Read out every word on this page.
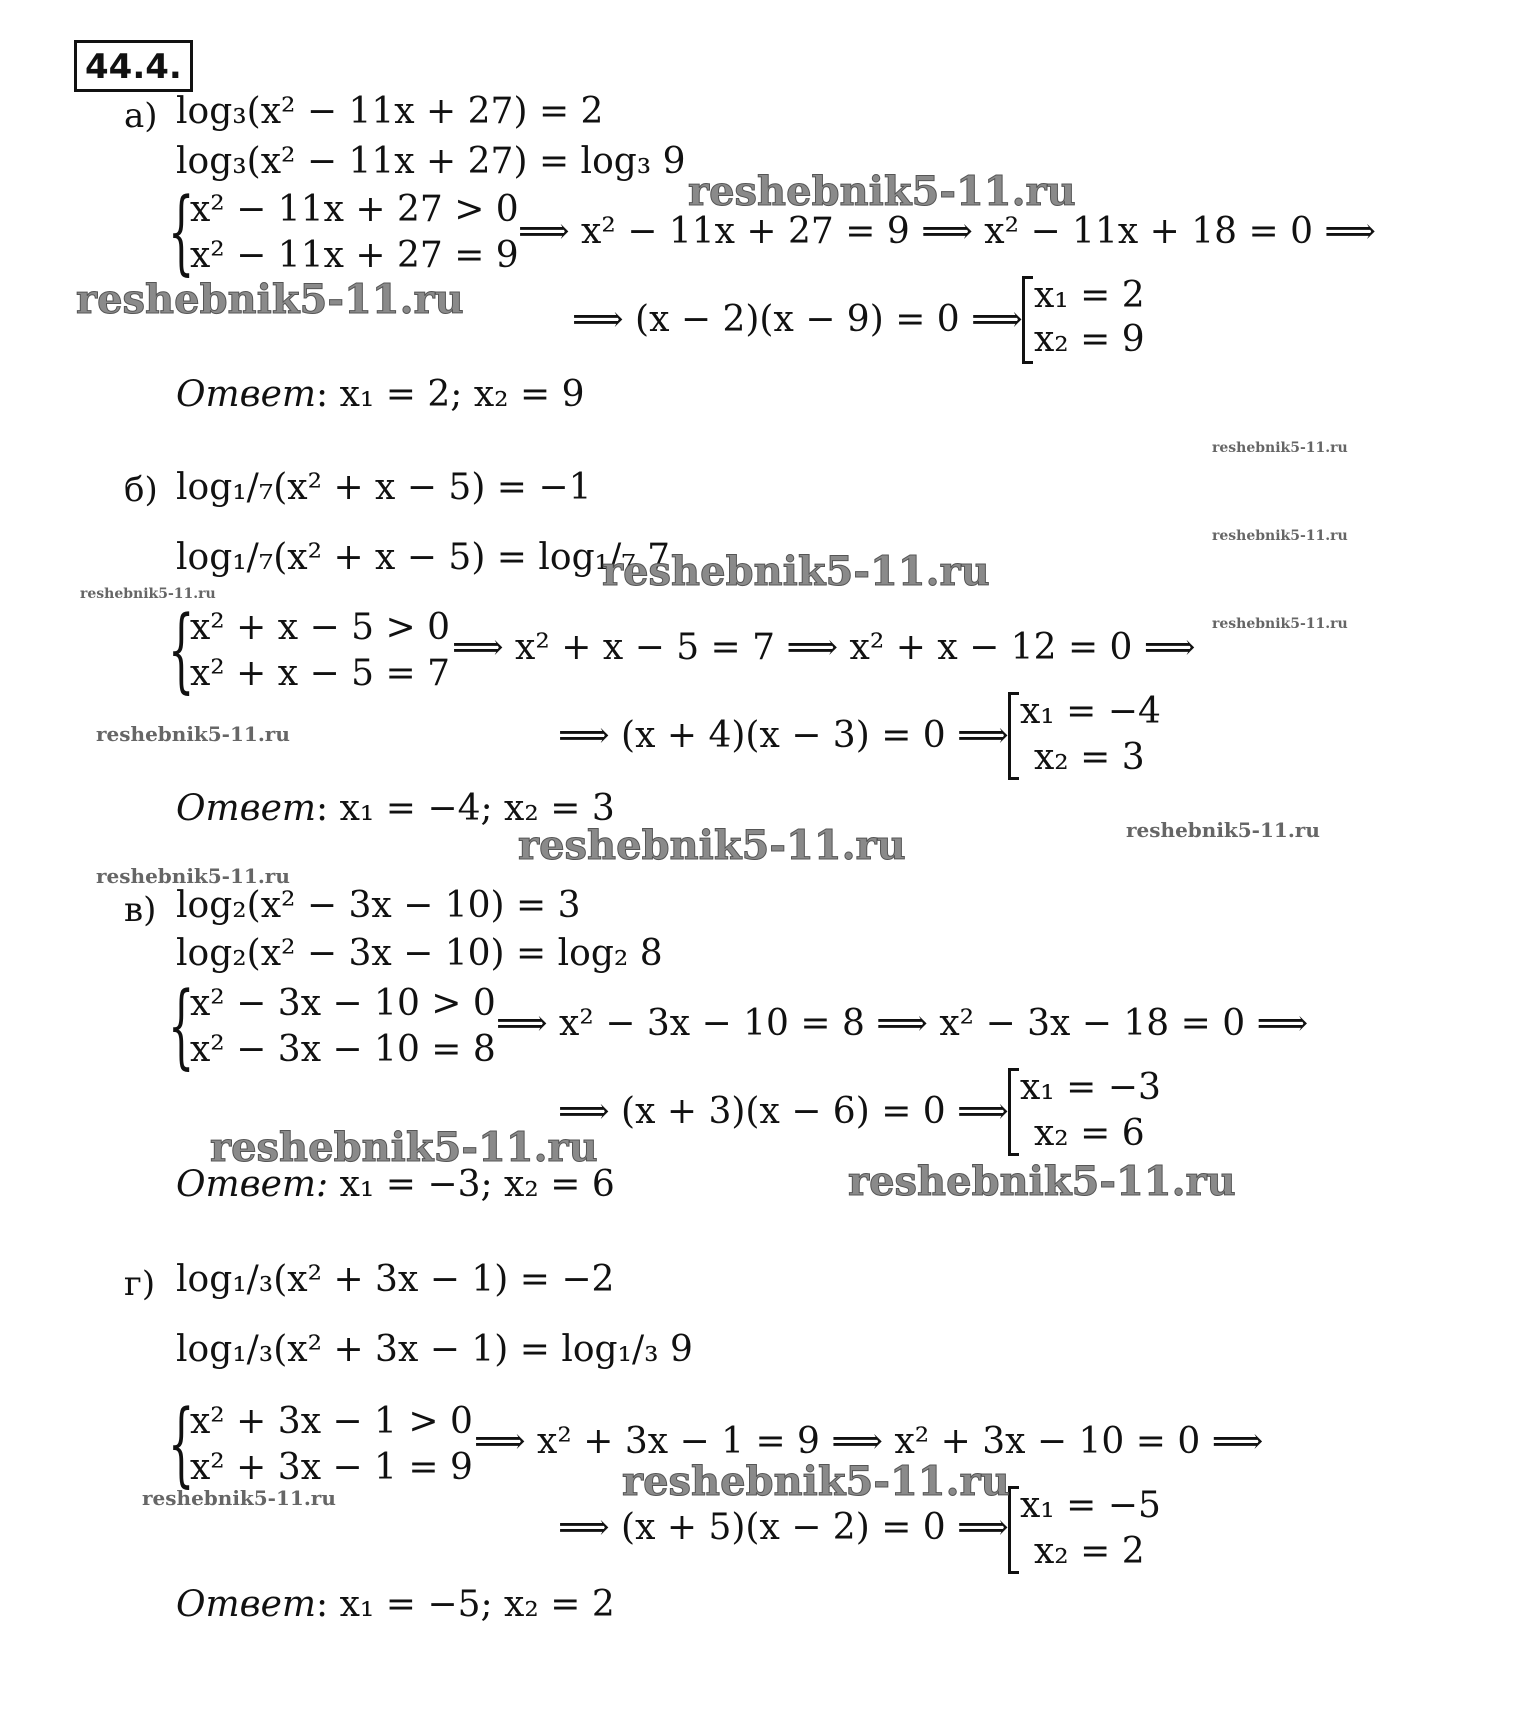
44.4.
а) log₃(x² − 11x + 27) = 2
log₃(x² − 11x + 27) = log₃ 9
{
x² − 11x + 27 > 0
x² − 11x + 27 = 9
⟹ x² − 11x + 27 = 9 ⟹ x² − 11x + 18 = 0 ⟹
⟹ (x − 2)(x − 9) = 0 ⟹
x₁ = 2
x₂ = 9
Ответ: x₁ = 2; x₂ = 9
б) log₁/₇(x² + x − 5) = −1
log₁/₇(x² + x − 5) = log₁/₇ 7
{
x² + x − 5 > 0
x² + x − 5 = 7
⟹ x² + x − 5 = 7 ⟹ x² + x − 12 = 0 ⟹
⟹ (x + 4)(x − 3) = 0 ⟹
x₁ = −4
x₂ = 3
Ответ: x₁ = −4; x₂ = 3
в) log₂(x² − 3x − 10) = 3
log₂(x² − 3x − 10) = log₂ 8
{
x² − 3x − 10 > 0
x² − 3x − 10 = 8
⟹ x² − 3x − 10 = 8 ⟹ x² − 3x − 18 = 0 ⟹
⟹ (x + 3)(x − 6) = 0 ⟹
x₁ = −3
x₂ = 6
Ответ: x₁ = −3; x₂ = 6
г) log₁/₃(x² + 3x − 1) = −2
log₁/₃(x² + 3x − 1) = log₁/₃ 9
{
x² + 3x − 1 > 0
x² + 3x − 1 = 9
⟹ x² + 3x − 1 = 9 ⟹ x² + 3x − 10 = 0 ⟹
⟹ (x + 5)(x − 2) = 0 ⟹
x₁ = −5
x₂ = 2
Ответ: x₁ = −5; x₂ = 2
reshebnik5-11.ru
reshebnik5-11.ru
reshebnik5-11.ru
reshebnik5-11.ru
reshebnik5-11.ru
reshebnik5-11.ru
reshebnik5-11.ru
reshebnik5-11.ru
reshebnik5-11.ru	reshebnik5-11.ru
reshebnik5-11.ru
reshebnik5-11.ru
reshebnik5-11.ru
reshebnik5-11.ru
reshebnik5-11.ru
